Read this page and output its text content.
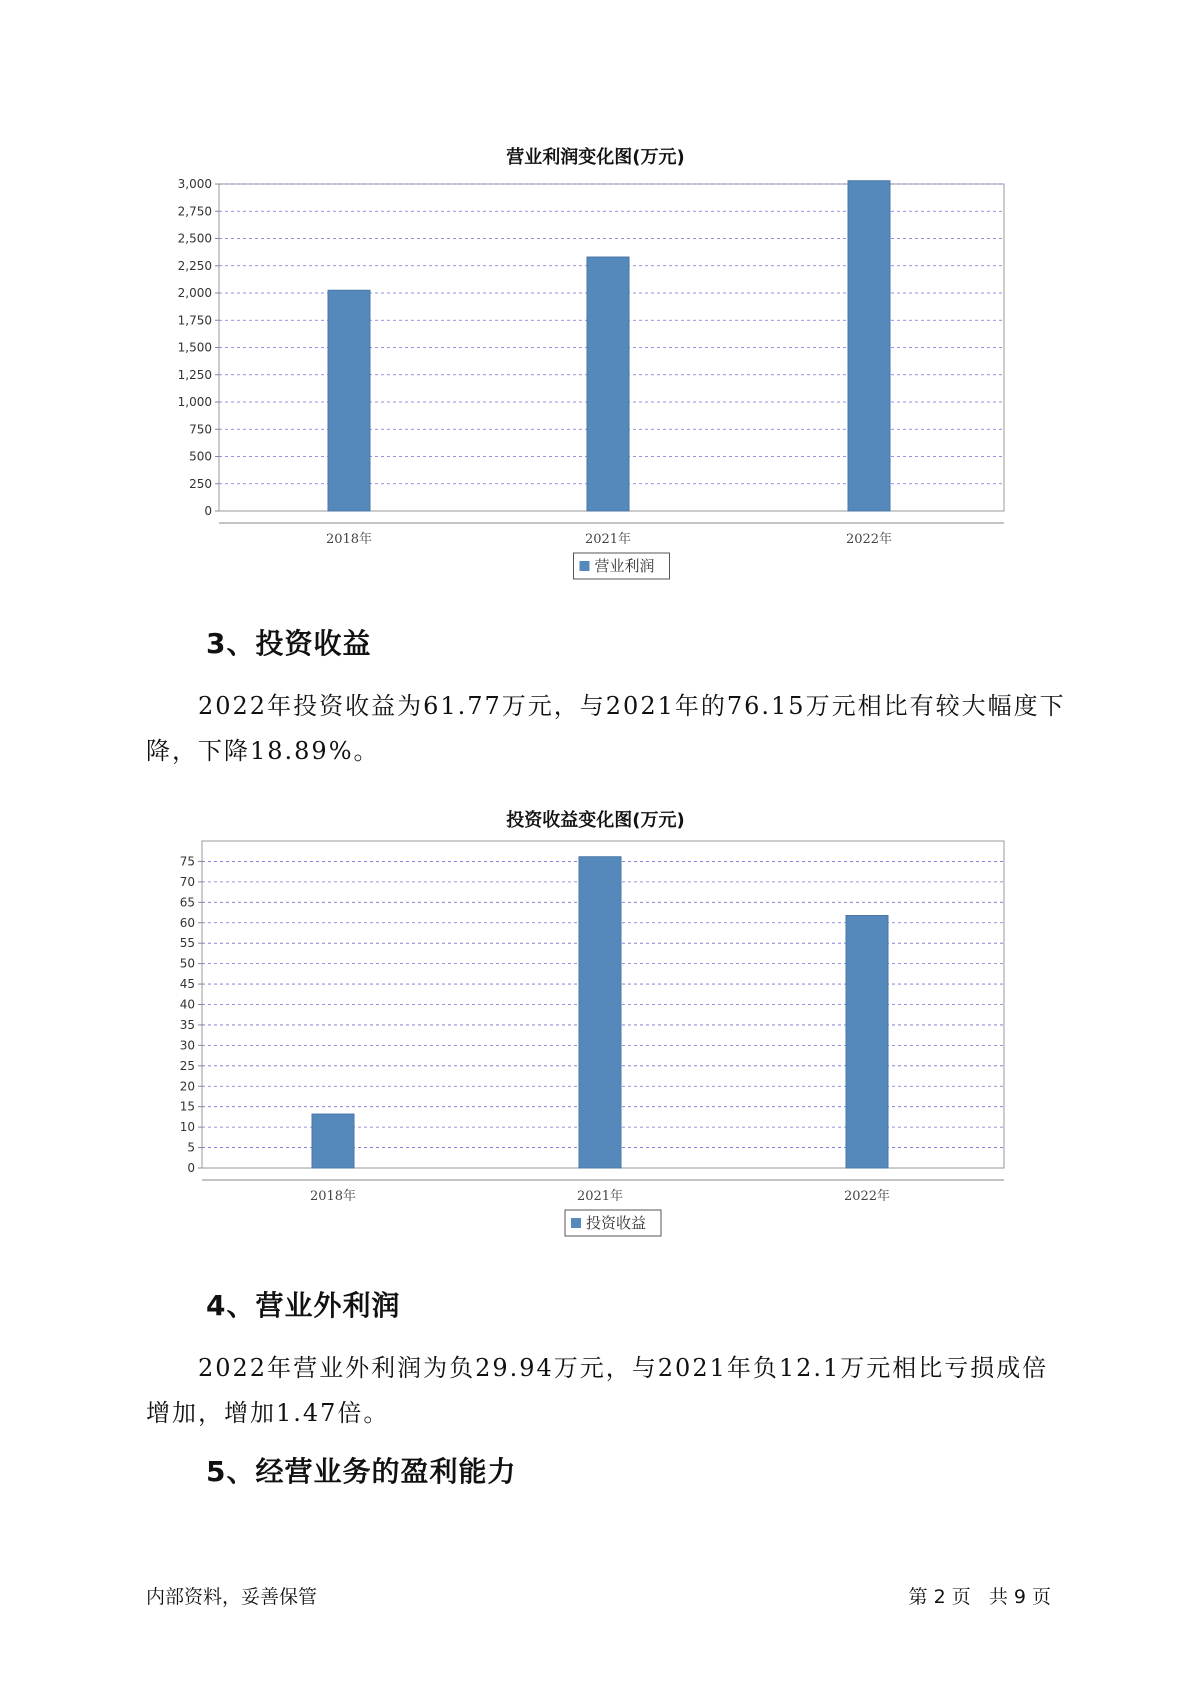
营业利润变化图(万元)
0
250
500
750
1,000
1,250
1,500
1,750
2,000
2,250
2,500
2,750
3,000
2018年	2021年	2022年
营业利润
3、投资收益
2022年投资收益为61.77万元，与2021年的76.15万元相比有较大幅度下降，下降18.89%。
投资收益变化图(万元)
0
5
10
15
20
25
30
35
40
45
50
55
60
65
70
75
2018年	2021年	2022年
投资收益
4、营业外利润
2022年营业外利润为负29.94万元，与2021年负12.1万元相比亏损成倍增加，增加1.47倍。
5、经营业务的盈利能力
内部资料，妥善保管	第 2 页   共 9 页
